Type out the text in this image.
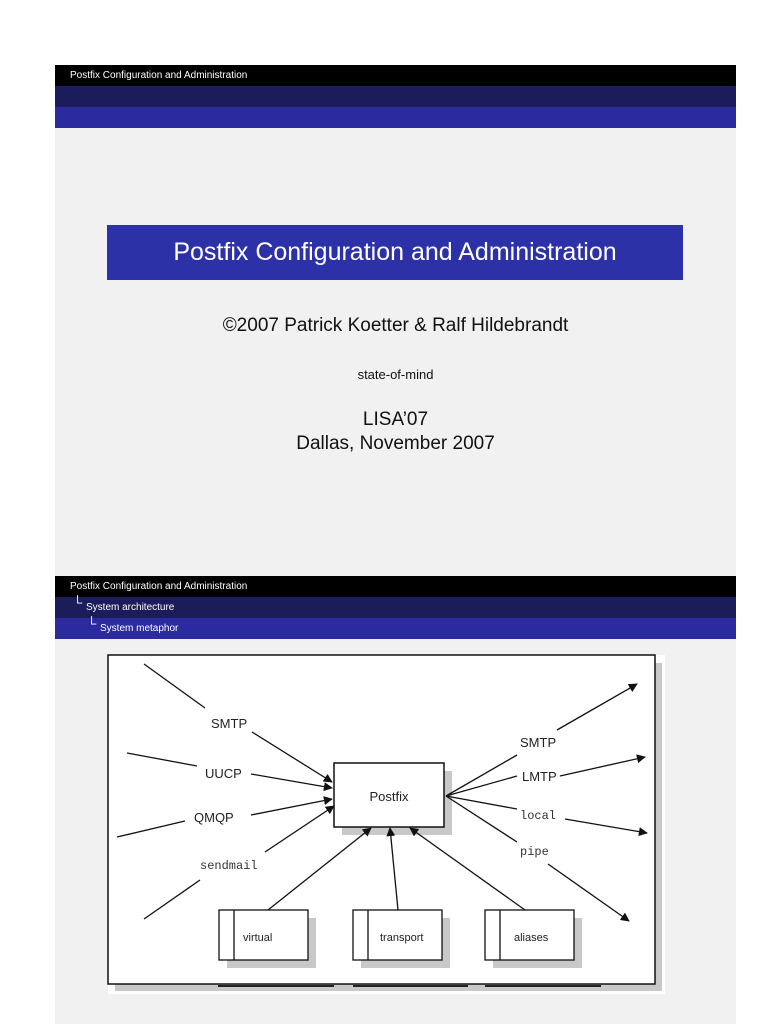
Postfix Configuration and Administration
Postfix Configuration and Administration
©2007 Patrick Koetter & Ralf Hildebrandt
state-of-mind
LISA’07
Dallas, November 2007
Postfix Configuration and Administration
└ System architecture
└ System metaphor
Postfix
SMTP
UUCP
QMQP
sendmail
SMTP
LMTP
local
pipe
virtual	transport	aliases
